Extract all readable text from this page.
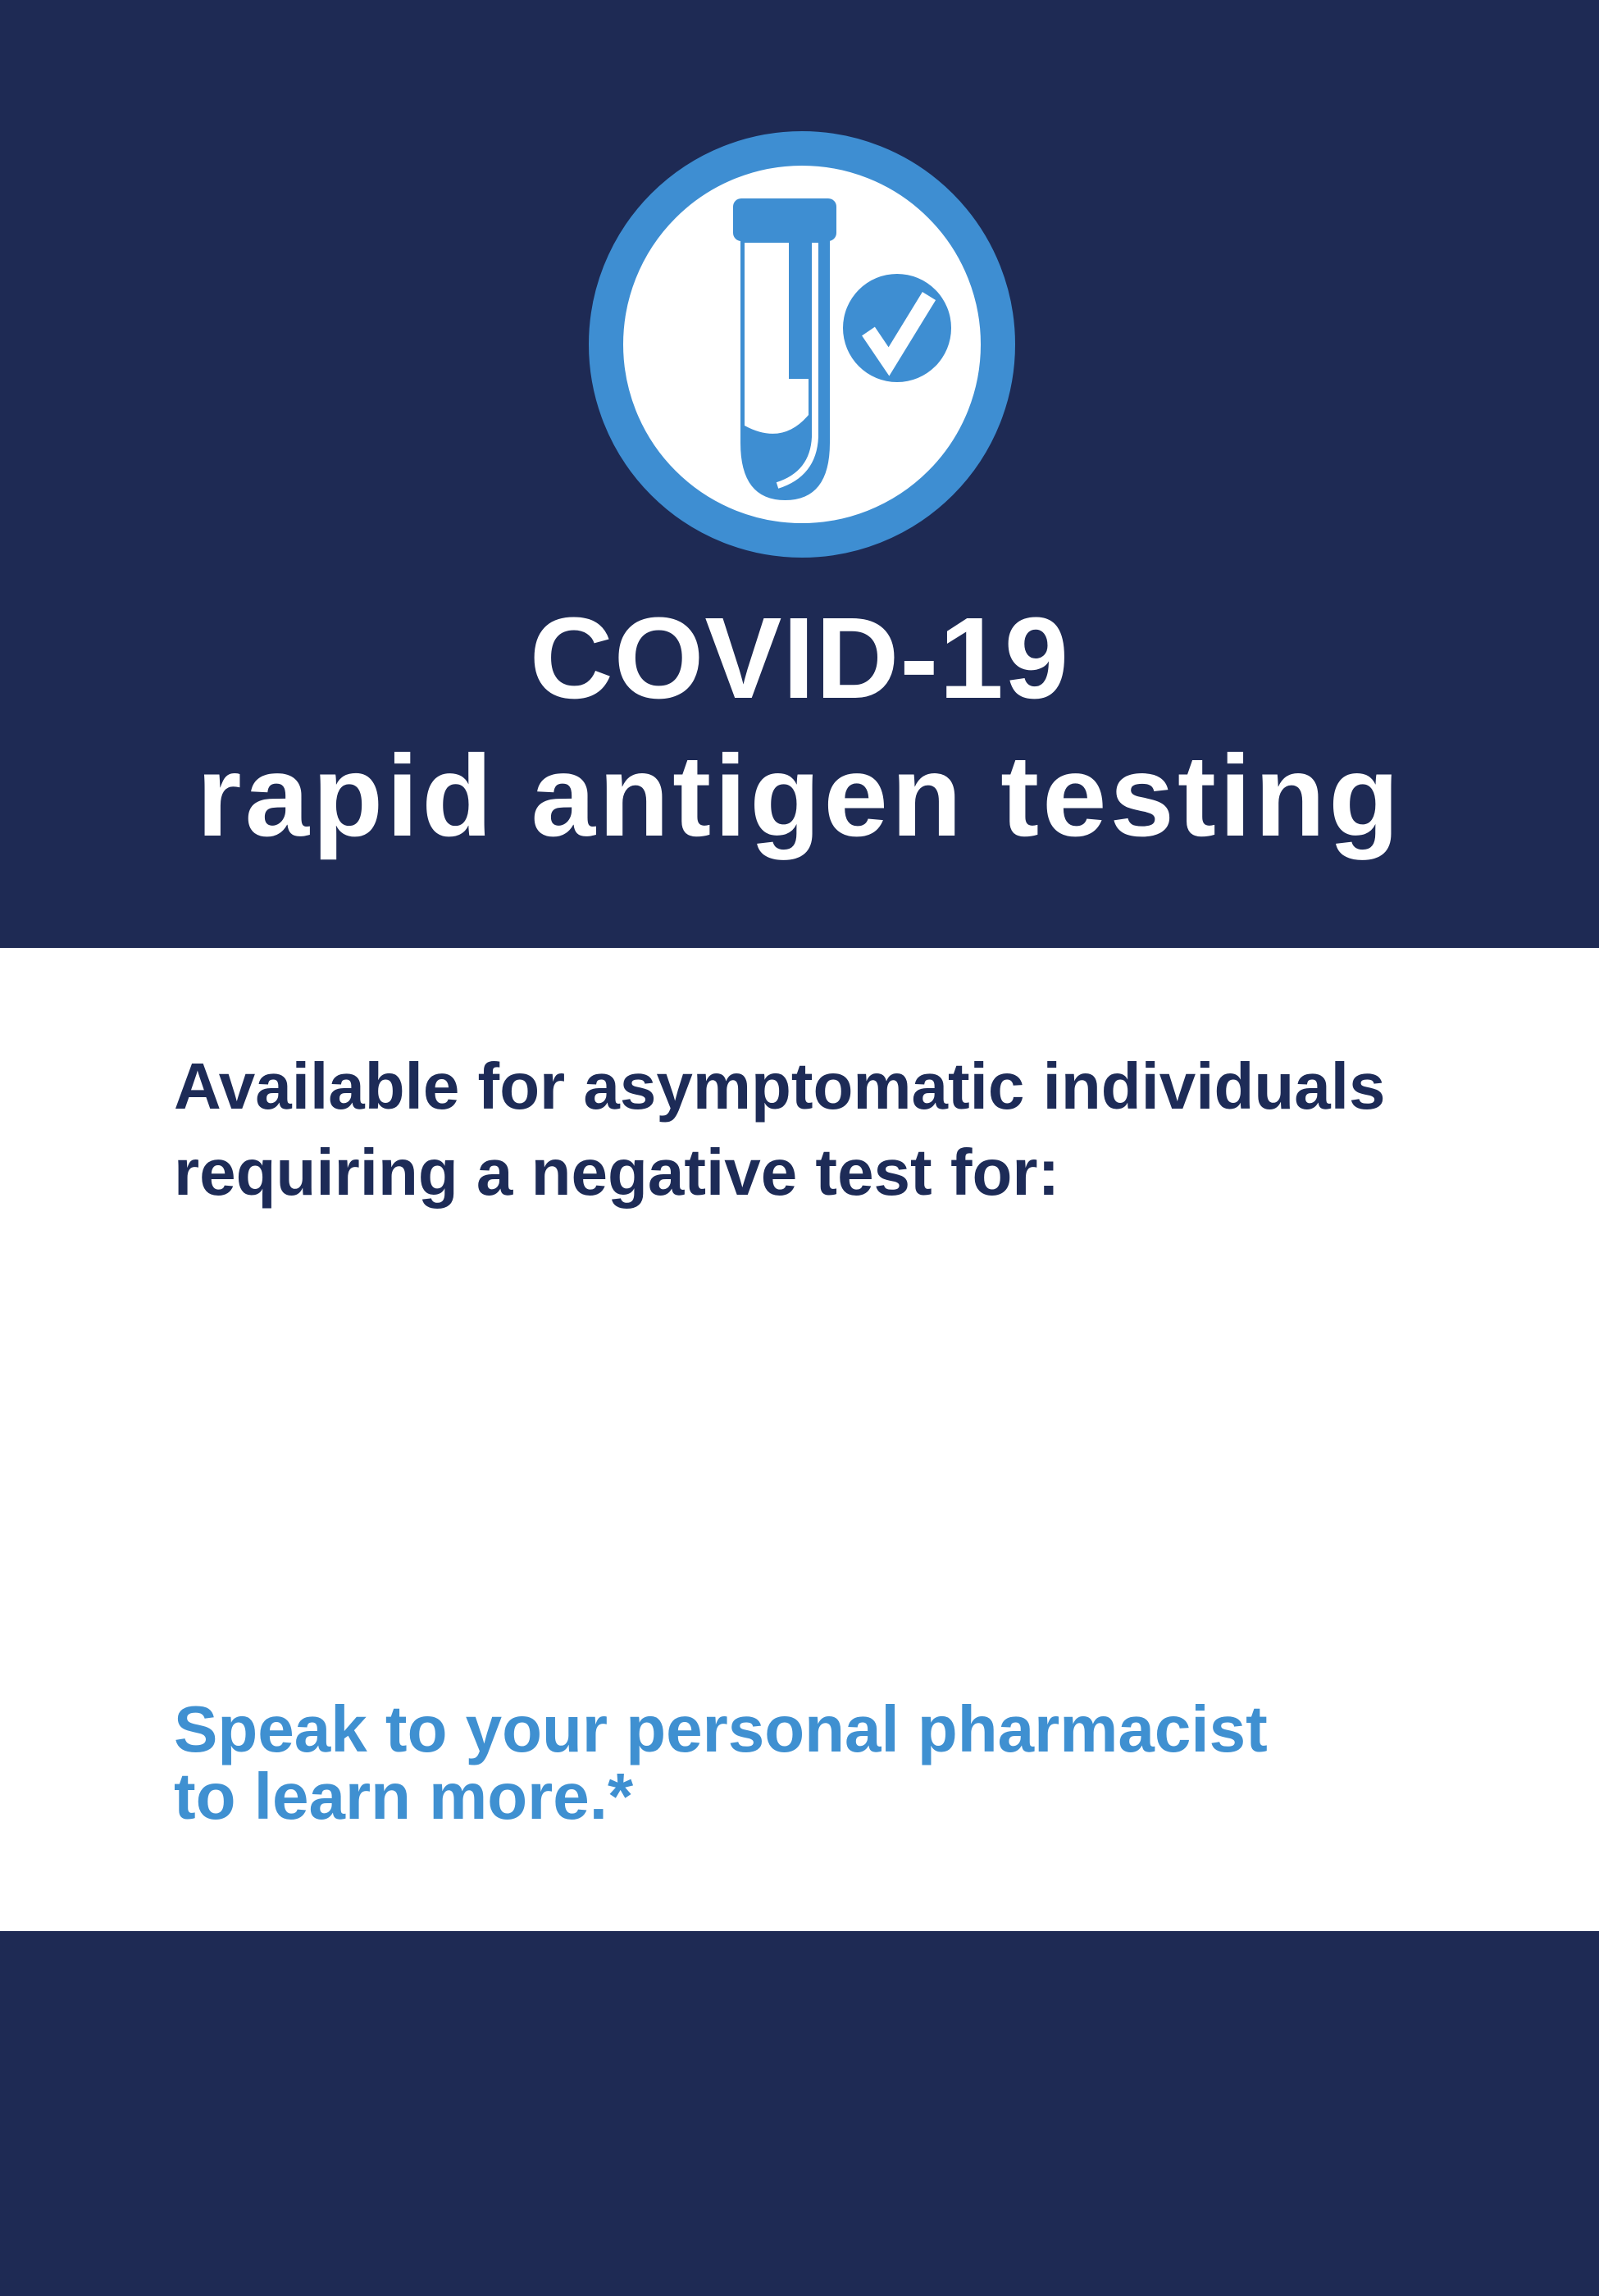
COVID-19
rapid antigen testing
Available for asymptomatic individuals
requiring a negative test for:
Speak to your personal pharmacist
to learn more.*
